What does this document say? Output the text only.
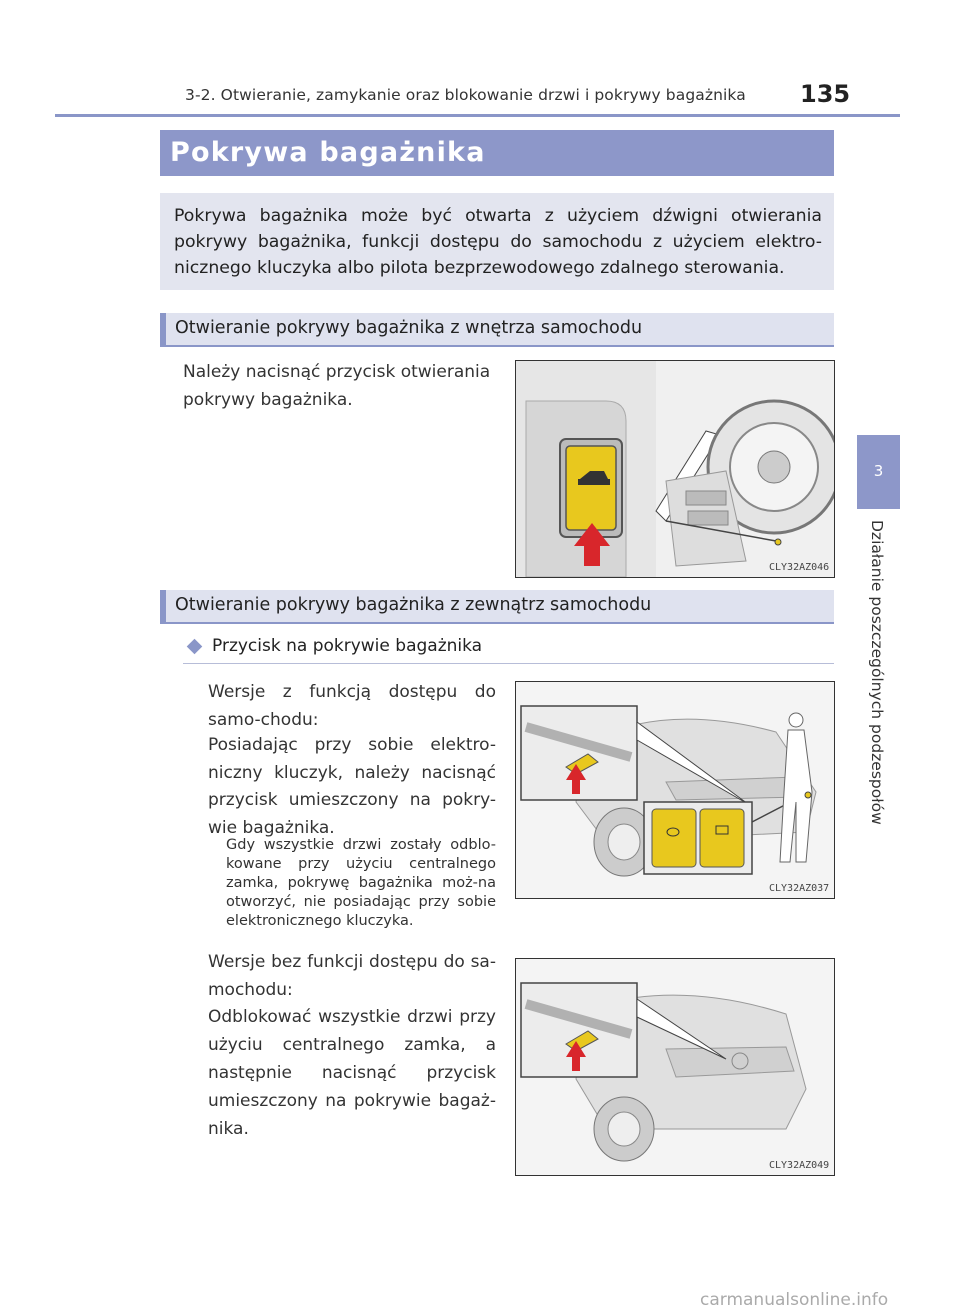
3-2. Otwieranie, zamykanie oraz blokowanie drzwi i pokrywy bagażnika 135
3
Działanie poszczególnych podzespołów
Pokrywa bagażnika
Pokrywa bagażnika może być otwarta z użyciem dźwigni otwierania pokrywy bagażnika, funkcji dostępu do samochodu z użyciem elektro-nicznego kluczyka albo pilota bezprzewodowego zdalnego sterowania.
Otwieranie pokrywy bagażnika z wnętrza samochodu
Należy nacisnąć przycisk otwierania pokrywy bagażnika.
CLY32AZ046
Otwieranie pokrywy bagażnika z zewnątrz samochodu
Przycisk na pokrywie bagażnika
Wersje z funkcją dostępu do samo-chodu:
Posiadając przy sobie elektro-niczny kluczyk, należy nacisnąć przycisk umieszczony na pokry-wie bagażnika.
Gdy wszystkie drzwi zostały odblo-kowane przy użyciu centralnego zamka, pokrywę bagażnika moż-na otworzyć, nie posiadając przy sobie elektronicznego kluczyka.
CLY32AZ037
Wersje bez funkcji dostępu do sa-mochodu:
Odblokować wszystkie drzwi przy użyciu centralnego zamka, a następnie nacisnąć przycisk umieszczony na pokrywie bagaż-nika.
CLY32AZ049
carmanualsonline.info
